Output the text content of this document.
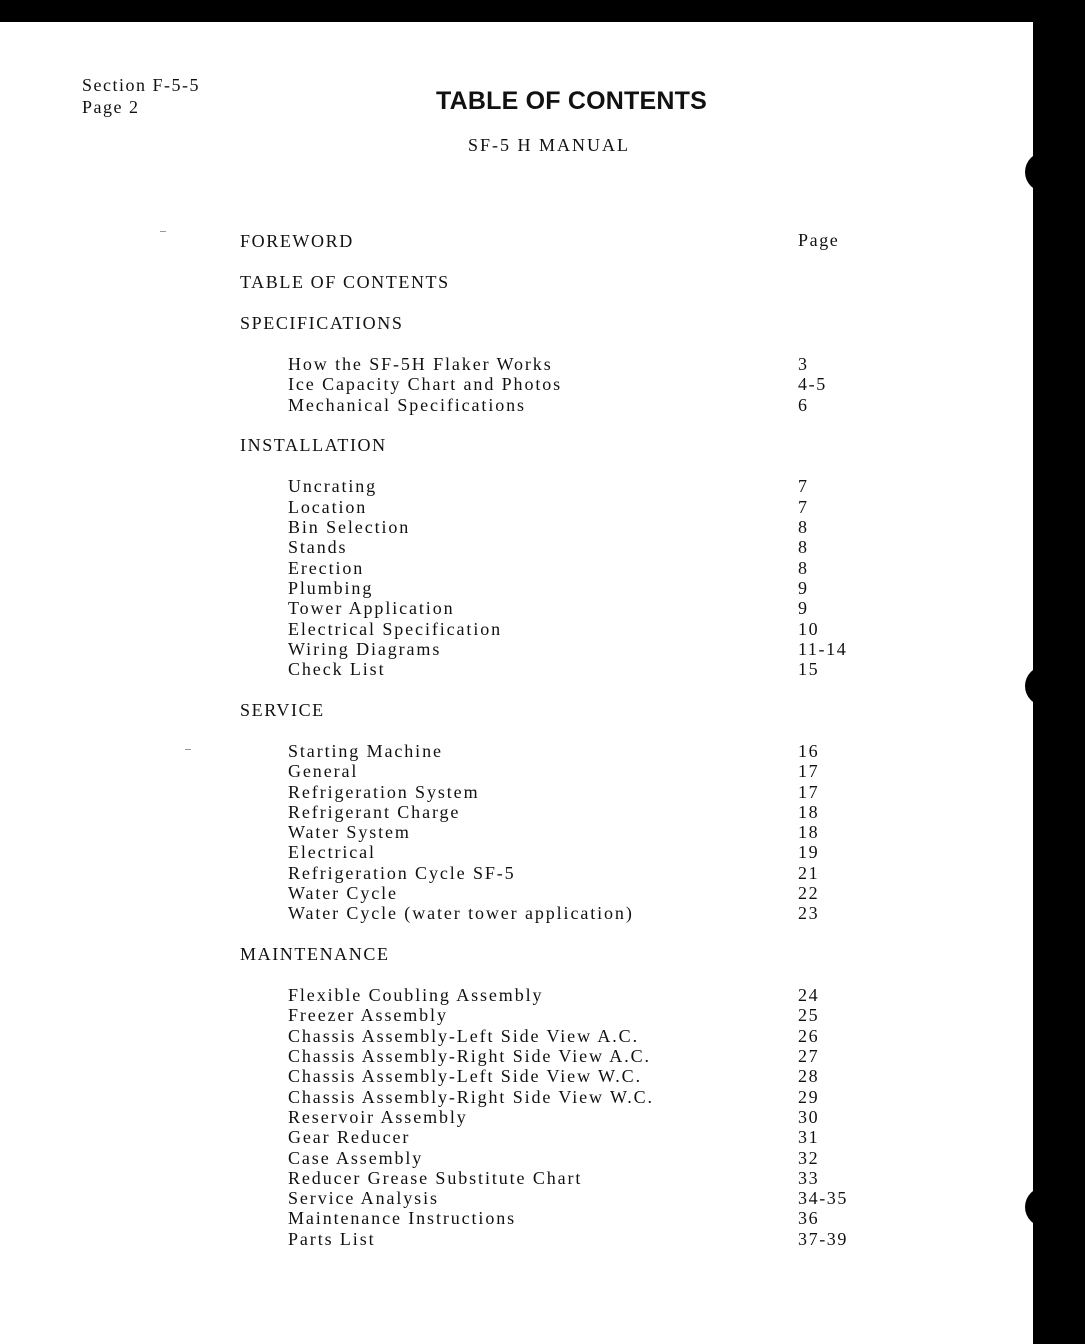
Section F-5-5
Page 2	TABLE OF CONTENTS
SF-5 H MANUAL
Page
FOREWORD
TABLE OF CONTENTS
SPECIFICATIONS
How the SF-5H Flaker Works	3
Ice Capacity Chart and Photos	4-5
Mechanical Specifications	6
INSTALLATION
Uncrating	7
Location	7
Bin Selection	8
Stands	8
Erection	8
Plumbing	9
Tower Application	9
Electrical Specification	10
Wiring Diagrams	11-14
Check List	15
SERVICE
Starting Machine	16
General	17
Refrigeration System	17
Refrigerant Charge	18
Water System	18
Electrical	19
Refrigeration Cycle SF-5	21
Water Cycle	22
Water Cycle (water tower application)	23
MAINTENANCE
Flexible Coubling Assembly	24
Freezer Assembly	25
Chassis Assembly-Left Side View A.C.	26
Chassis Assembly-Right Side View A.C.	27
Chassis Assembly-Left Side View W.C.	28
Chassis Assembly-Right Side View W.C.	29
Reservoir Assembly	30
Gear Reducer	31
Case Assembly	32
Reducer Grease Substitute Chart	33
Service Analysis	34-35
Maintenance Instructions	36
Parts List	37-39
